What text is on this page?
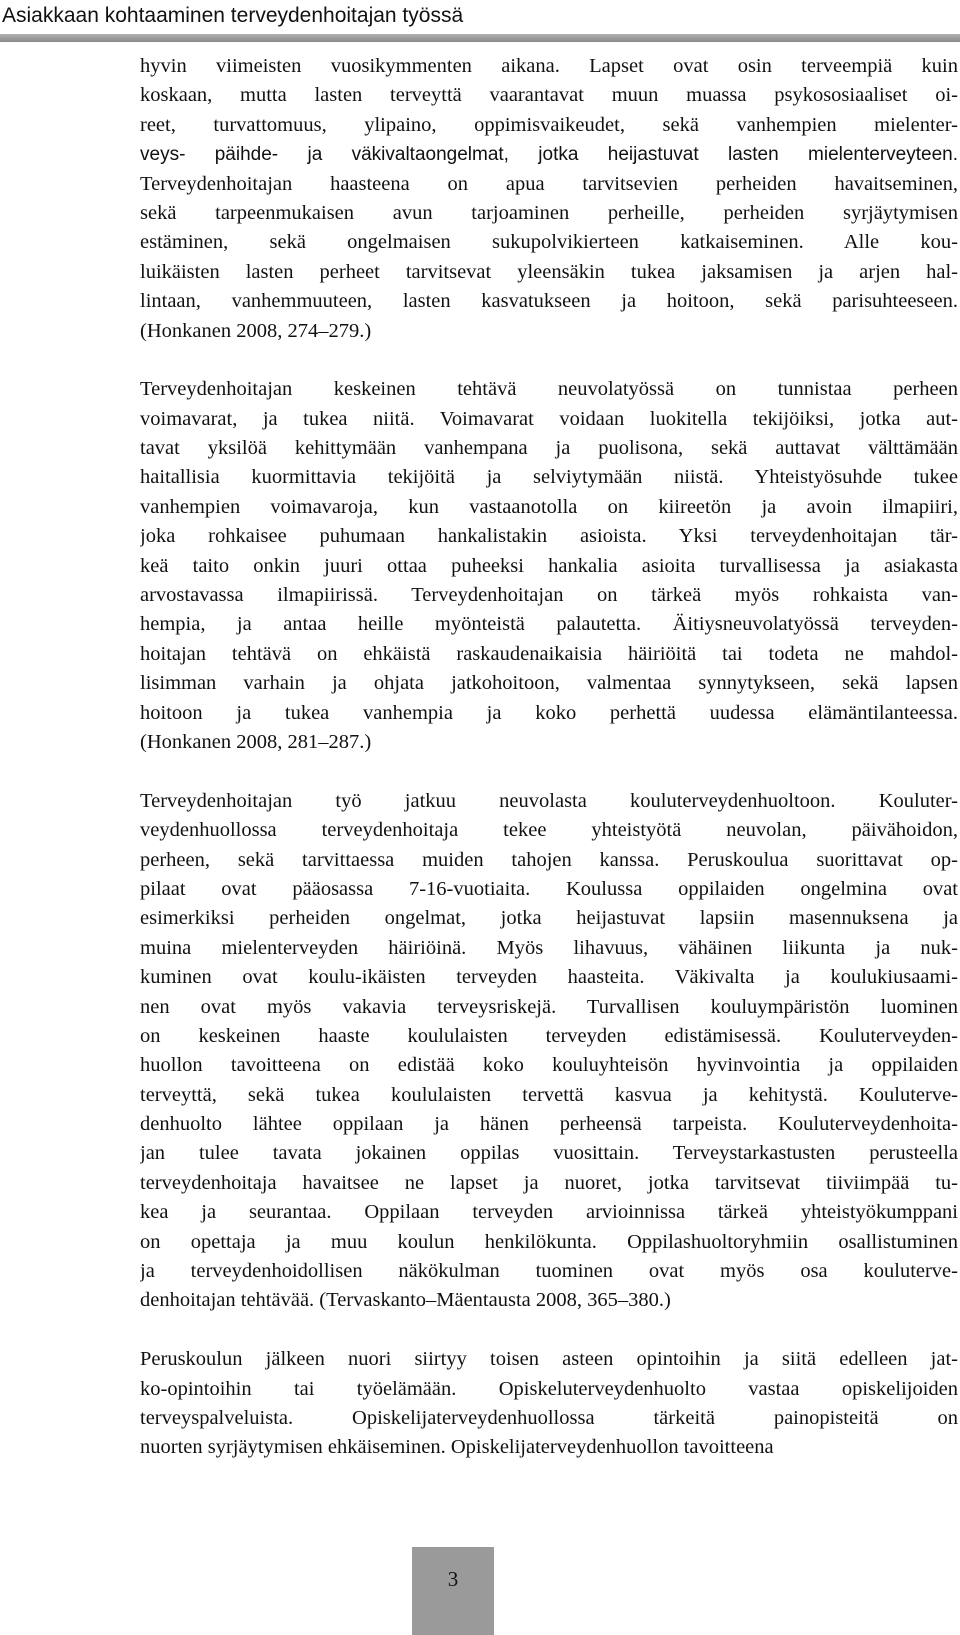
Asiakkaan kohtaaminen terveydenhoitajan työssä

hyvin viimeisten vuosikymmenten aikana. Lapset ovat osin terveempiä kuin
koskaan, mutta lasten terveyttä vaarantavat muun muassa psykososiaaliset oi-
reet, turvattomuus, ylipaino, oppimisvaikeudet, sekä vanhempien mielenter-
veys- päihde- ja väkivaltaongelmat, jotka heijastuvat lasten mielenterveyteen.
Terveydenhoitajan haasteena on apua tarvitsevien perheiden havaitseminen,
sekä tarpeenmukaisen avun tarjoaminen perheille, perheiden syrjäytymisen
estäminen, sekä ongelmaisen sukupolvikierteen katkaiseminen. Alle kou-
luikäisten lasten perheet tarvitsevat yleensäkin tukea jaksamisen ja arjen hal-
lintaan, vanhemmuuteen, lasten kasvatukseen ja hoitoon, sekä parisuhteeseen.
(Honkanen 2008, 274–279.)

Terveydenhoitajan keskeinen tehtävä neuvolatyössä on tunnistaa perheen
voimavarat, ja tukea niitä. Voimavarat voidaan luokitella tekijöiksi, jotka aut-
tavat yksilöä kehittymään vanhempana ja puolisona, sekä auttavat välttämään
haitallisia kuormittavia tekijöitä ja selviytymään niistä. Yhteistyösuhde tukee
vanhempien voimavaroja, kun vastaanotolla on kiireetön ja avoin ilmapiiri,
joka rohkaisee puhumaan hankalistakin asioista. Yksi terveydenhoitajan tär-
keä taito onkin juuri ottaa puheeksi hankalia asioita turvallisessa ja asiakasta
arvostavassa ilmapiirissä. Terveydenhoitajan on tärkeä myös rohkaista van-
hempia, ja antaa heille myönteistä palautetta. Äitiysneuvolatyössä terveyden-
hoitajan tehtävä on ehkäistä raskaudenaikaisia häiriöitä tai todeta ne mahdol-
lisimman varhain ja ohjata jatkohoitoon, valmentaa synnytykseen, sekä lapsen
hoitoon ja tukea vanhempia ja koko perhettä uudessa elämäntilanteessa.
(Honkanen 2008, 281–287.)

Terveydenhoitajan työ jatkuu neuvolasta kouluterveydenhuoltoon. Kouluter-
veydenhuollossa terveydenhoitaja tekee yhteistyötä neuvolan, päivähoidon,
perheen, sekä tarvittaessa muiden tahojen kanssa. Peruskoulua suorittavat op-
pilaat ovat pääosassa 7-16-vuotiaita. Koulussa oppilaiden ongelmina ovat
esimerkiksi perheiden ongelmat, jotka heijastuvat lapsiin masennuksena ja
muina mielenterveyden häiriöinä. Myös lihavuus, vähäinen liikunta ja nuk-
kuminen ovat koulu-ikäisten terveyden haasteita. Väkivalta ja koulukiusaami-
nen ovat myös vakavia terveysriskejä. Turvallisen kouluympäristön luominen
on keskeinen haaste koululaisten terveyden edistämisessä. Kouluterveyden-
huollon tavoitteena on edistää koko kouluyhteisön hyvinvointia ja oppilaiden
terveyttä, sekä tukea koululaisten tervettä kasvua ja kehitystä. Kouluterve-
denhuolto lähtee oppilaan ja hänen perheensä tarpeista. Kouluterveydenhoita-
jan tulee tavata jokainen oppilas vuosittain. Terveystarkastusten perusteella
terveydenhoitaja havaitsee ne lapset ja nuoret, jotka tarvitsevat tiiviimpää tu-
kea ja seurantaa. Oppilaan terveyden arvioinnissa tärkeä yhteistyökumppani
on opettaja ja muu koulun henkilökunta. Oppilashuoltoryhmiin osallistuminen
ja terveydenhoidollisen näkökulman tuominen ovat myös osa kouluterve-
denhoitajan tehtävää. (Tervaskanto–Mäentausta 2008, 365–380.)

Peruskoulun jälkeen nuori siirtyy toisen asteen opintoihin ja siitä edelleen jat-
ko-opintoihin tai työelämään. Opiskeluterveydenhuolto vastaa opiskelijoiden
terveyspalveluista. Opiskelijaterveydenhuollossa tärkeitä painopisteitä on
nuorten syrjäytymisen ehkäiseminen. Opiskelijaterveydenhuollon tavoitteena

3
